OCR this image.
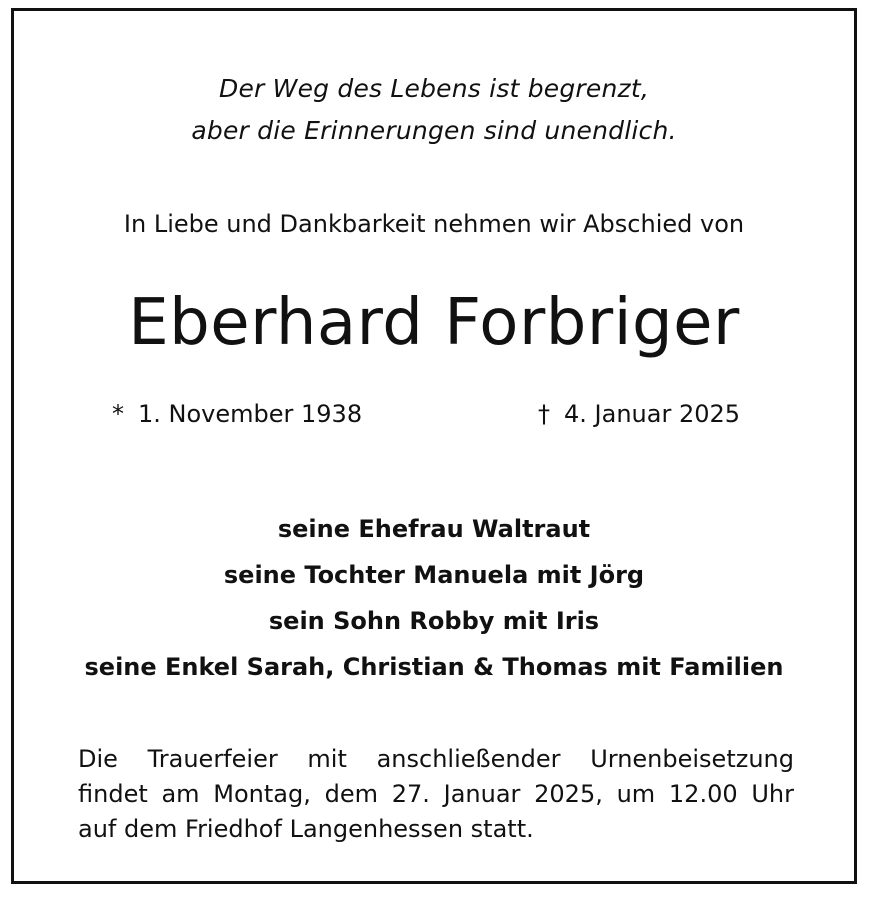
Der Weg des Lebens ist begrenzt,
aber die Erinnerungen sind unendlich.
In Liebe und Dankbarkeit nehmen wir Abschied von
Eberhard Forbriger
* 1. November 1938	† 4. Januar 2025
seine Ehefrau Waltraut
seine Tochter Manuela mit Jörg
sein Sohn Robby mit Iris
seine Enkel Sarah, Christian & Thomas mit Familien
Die Trauerfeier mit anschließender Urnenbeisetzung
findet am Montag, dem 27. Januar 2025, um 12.00 Uhr
auf dem Friedhof Langenhessen statt.
